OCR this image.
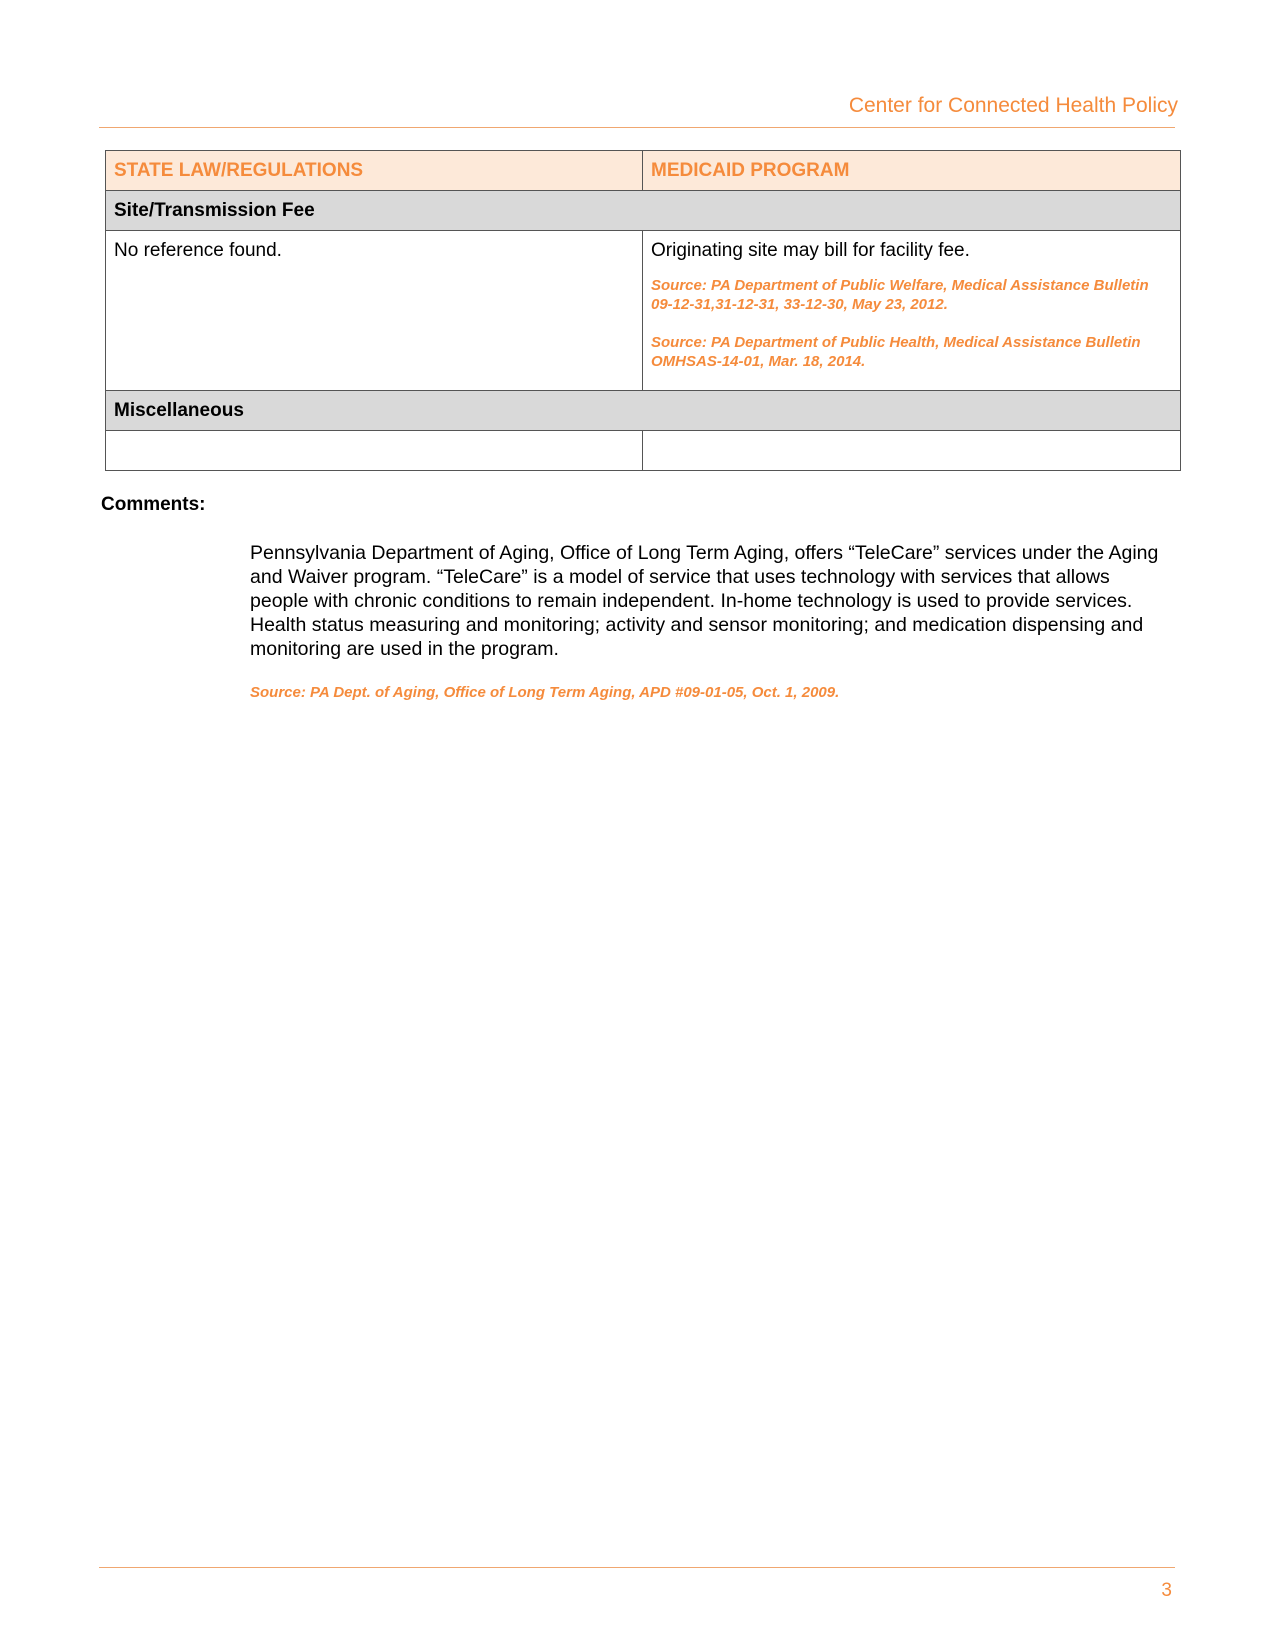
Center for Connected Health Policy
STATE LAW/REGULATIONS	MEDICAID PROGRAM
Site/Transmission Fee	
No reference found.	Originating site may bill for facility fee.
Source: PA Department of Public Welfare, Medical Assistance Bulletin 09-12-31,31-12-31, 33-12-30, May 23, 2012.
Source: PA Department of Public Health, Medical Assistance Bulletin OMHSAS-14-01, Mar. 18, 2014.

Miscellaneous	

Comments:
Pennsylvania Department of Aging, Office of Long Term Aging, offers “TeleCare” services under the Aging and Waiver program. “TeleCare” is a model of service that uses technology with services that allows people with chronic conditions to remain independent. In-home technology is used to provide services. Health status measuring and monitoring; activity and sensor monitoring; and medication dispensing and monitoring are used in the program.
Source: PA Dept. of Aging, Office of Long Term Aging, APD #09-01-05, Oct. 1, 2009.
3
